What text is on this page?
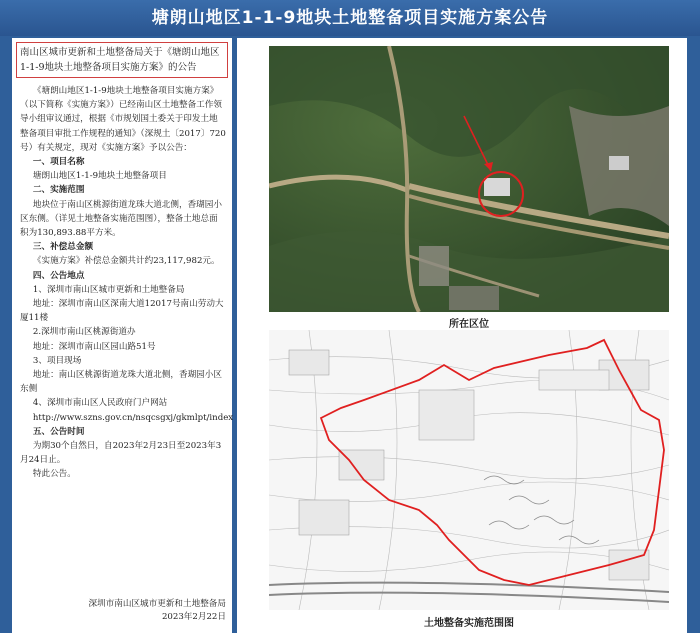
塘朗山地区1-1-9地块土地整备项目实施方案公告
南山区城市更新和土地整备局关于《塘朗山地区1-1-9地块土地整备项目实施方案》的公告

《塘朗山地区1-1-9地块土地整备项目实施方案》（以下简称《实施方案》）已经南山区土地整备工作领导小组审议通过，根据《市规划国土委关于印发土地整备项目审批工作规程的通知》（深规土〔2017〕720号）有关规定，现对《实施方案》予以公告：

一、项目名称

塘朗山地区1-1-9地块土地整备项目

二、实施范围

地块位于南山区桃源街道龙珠大道北侧，香瑚园小区东侧。（详见土地整备实施范围图），整备土地总面积为130,893.88平方米。

三、补偿总金额

《实施方案》补偿总金额共计约23,117,982元。

四、公告地点

1、深圳市南山区城市更新和土地整备局

地址：深圳市南山区深南大道12017号南山劳动大厦11楼

2.深圳市南山区桃源街道办

地址：深圳市南山区园山路51号

3、项目现场

地址：南山区桃源街道龙珠大道北侧，香瑚园小区东侧

4、深圳市南山区人民政府门户网站

http://www.szns.gov.cn/nsqcsgxj/gkmlpt/index

五、公告时间

为期30个自然日，自2023年2月23日至2023年3月24日止。

特此公告。

深圳市南山区城市更新和土地整备局
2023年2月22日
所在区位
土地整备实施范围图
